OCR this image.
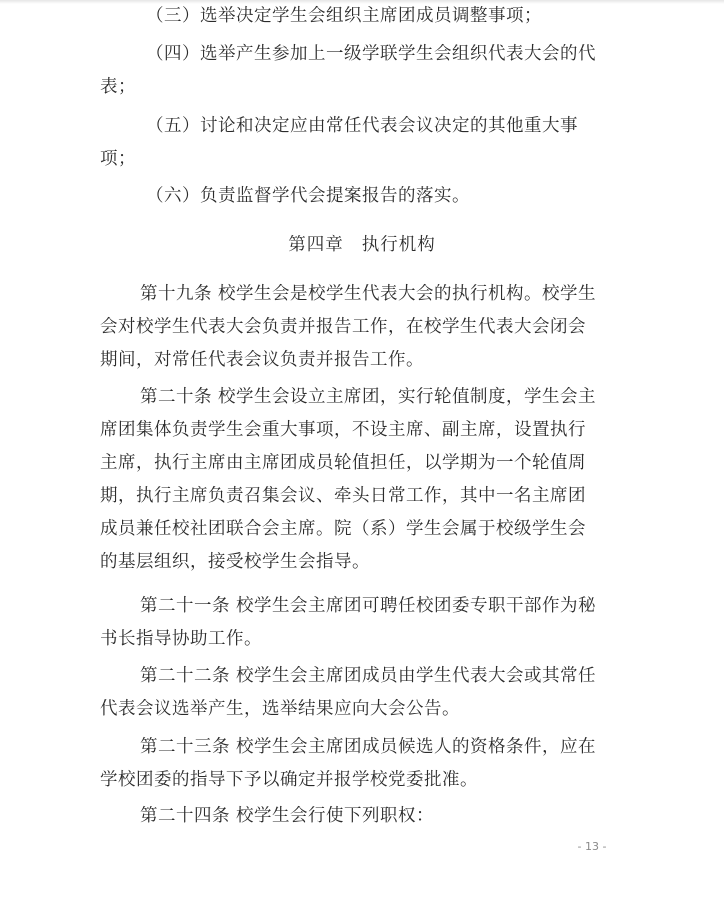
（三）选举决定学生会组织主席团成员调整事项；
（四）选举产生参加上一级学联学生会组织代表大会的代
表；
（五）讨论和决定应由常任代表会议决定的其他重大事
项；
（六）负责监督学代会提案报告的落实。
第四章 执行机构
第十九条 校学生会是校学生代表大会的执行机构。校学生
会对校学生代表大会负责并报告工作，在校学生代表大会闭会
期间，对常任代表会议负责并报告工作。
第二十条 校学生会设立主席团，实行轮值制度，学生会主
席团集体负责学生会重大事项，不设主席、副主席，设置执行
主席，执行主席由主席团成员轮值担任，以学期为一个轮值周
期，执行主席负责召集会议、牵头日常工作，其中一名主席团
成员兼任校社团联合会主席。院（系）学生会属于校级学生会
的基层组织，接受校学生会指导。
第二十一条 校学生会主席团可聘任校团委专职干部作为秘
书长指导协助工作。
第二十二条 校学生会主席团成员由学生代表大会或其常任
代表会议选举产生，选举结果应向大会公告。
第二十三条 校学生会主席团成员候选人的资格条件，应在
学校团委的指导下予以确定并报学校党委批准。
第二十四条 校学生会行使下列职权：
- 13 -
